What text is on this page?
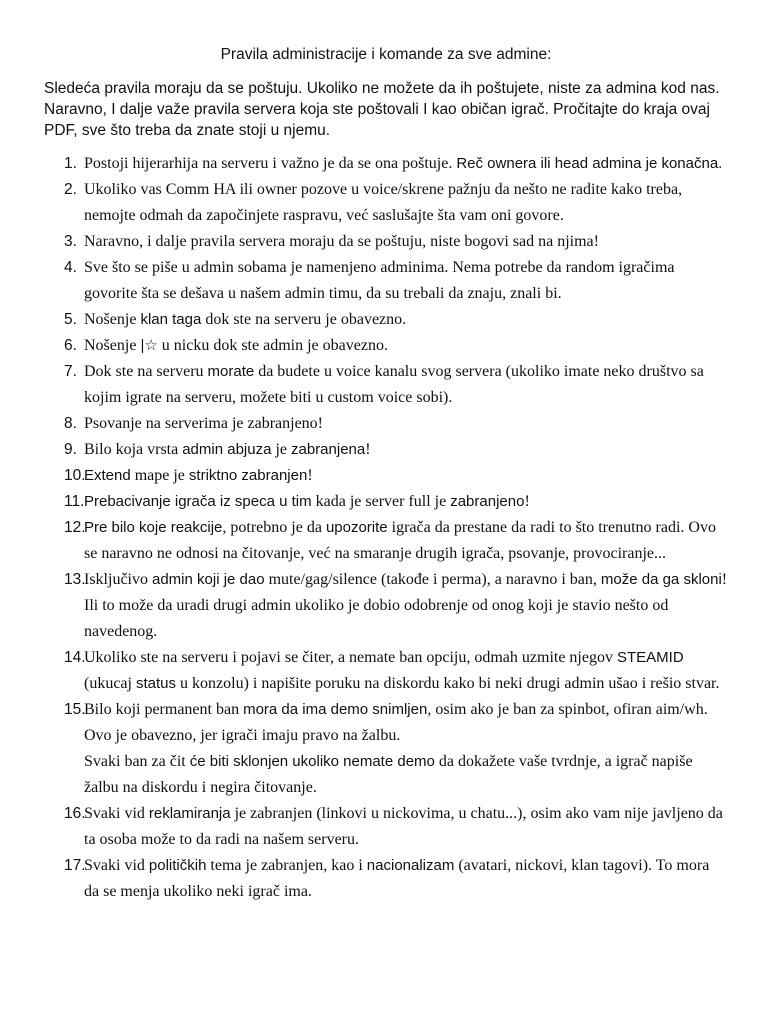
Pravila administracije i komande za sve admine:
Sledeća pravila moraju da se poštuju. Ukoliko ne možete da ih poštujete, niste za admina kod nas. Naravno, I dalje važe pravila servera koja ste poštovali I kao običan igrač. Pročitajte do kraja ovaj PDF, sve što treba da znate stoji u njemu.
1. Postoji hijerarhija na serveru i važno je da se ona poštuje. Reč ownera ili head admina je konačna.
2. Ukoliko vas Comm HA ili owner pozove u voice/skrene pažnju da nešto ne radite kako treba, nemojte odmah da započinjete raspravu, već saslušajte šta vam oni govore.
3. Naravno, i dalje pravila servera moraju da se poštuju, niste bogovi sad na njima!
4. Sve što se piše u admin sobama je namenjeno adminima. Nema potrebe da random igračima govorite šta se dešava u našem admin timu, da su trebali da znaju, znali bi.
5. Nošenje klan taga dok ste na serveru je obavezno.
6. Nošenje |☆ u nicku dok ste admin je obavezno.
7. Dok ste na serveru morate da budete u voice kanalu svog servera (ukoliko imate neko društvo sa kojim igrate na serveru, možete biti u custom voice sobi).
8. Psovanje na serverima je zabranjeno!
9. Bilo koja vrsta admin abjuza je zabranjena!
10.
Extend mape je striktno zabranjen!
11. Prebacivanje igrača iz speca u tim kada je server full je zabranjeno!
12.
Pre bilo koje reakcije, potrebno je da upozorite igrača da prestane da radi to što trenutno radi. Ovo se naravno ne odnosi na čitovanje, već na smaranje drugih igrača, psovanje, provociranje...
13.
Isključivo admin koji je dao mute/gag/silence (takođe i perma), a naravno i ban, može da ga skloni! Ili to može da uradi drugi admin ukoliko je dobio odobrenje od onog koji je stavio nešto od navedenog.
14.
Ukoliko ste na serveru i pojavi se čiter, a nemate ban opciju, odmah uzmite njegov STEAMID (ukucaj status u konzolu) i napišite poruku na diskordu kako bi neki drugi admin ušao i rešio stvar.
15.
Bilo koji permanent ban mora da ima demo snimljen, osim ako je ban za spinbot, ofiran aim/wh. Ovo je obavezno, jer igrači imaju pravo na žalbu.
Svaki ban za čit će biti sklonjen ukoliko nemate demo da dokažete vaše tvrdnje, a igrač napiše žalbu na diskordu i negira čitovanje.
16.
Svaki vid reklamiranja je zabranjen (linkovi u nickovima, u chatu...), osim ako vam nije javljeno da ta osoba može to da radi na našem serveru.
17.
Svaki vid političkih tema je zabranjen, kao i nacionalizam (avatari, nickovi, klan tagovi). To mora da se menja ukoliko neki igrač ima.
